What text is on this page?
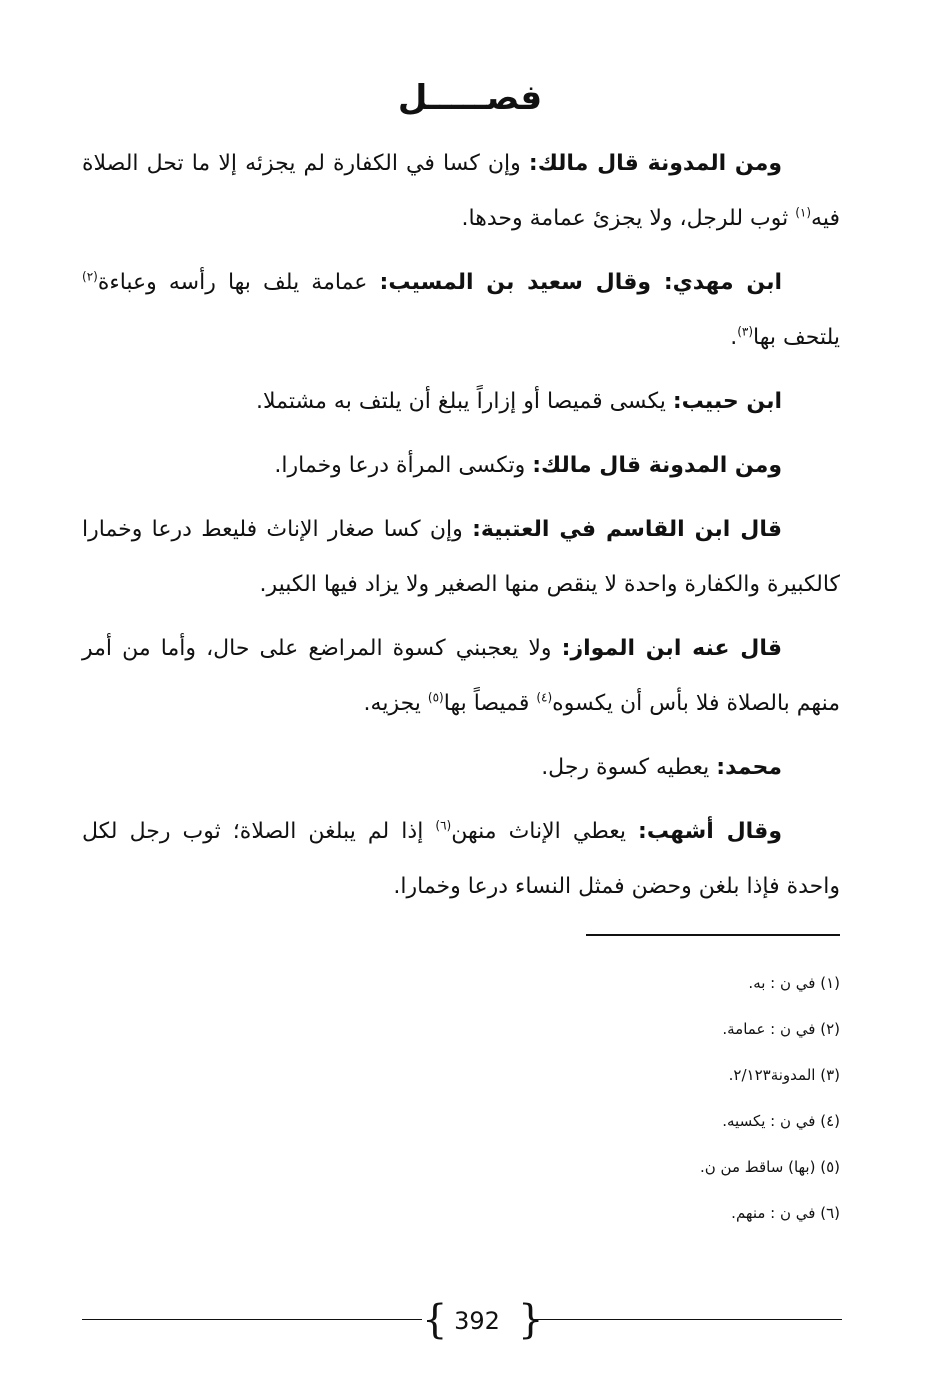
فصـــــل

ومن المدونة قال مالك: وإن كسا في الكفارة لم يجزئه إلا ما تحل الصلاة فيه$^{(١)}$ ثوب للرجل، ولا يجزئ عمامة وحدها.

ابن مهدي: وقال سعيد بن المسيب: عمامة يلف بها رأسه وعباءة$^{(٢)}$ يلتحف بها$^{(٣)}$.

ابن حبيب: يكسى قميصا أو إزاراً يبلغ أن يلتف به مشتملا.

ومن المدونة قال مالك: وتكسى المرأة درعا وخمارا.

قال ابن القاسم في العتبية: وإن كسا صغار الإناث فليعط درعا وخمارا كالكبيرة والكفارة واحدة لا ينقص منها الصغير ولا يزاد فيها الكبير.

قال عنه ابن المواز: ولا يعجبني كسوة المراضع على حال، وأما من أمر منهم بالصلاة فلا بأس أن يكسوه$^{(٤)}$ قميصاً بها$^{(٥)}$ يجزيه.

محمد: يعطيه كسوة رجل.

وقال أشهب: يعطي الإناث منهن$^{(٦)}$ إذا لم يبلغن الصلاة؛ ثوب رجل لكل واحدة فإذا بلغن وحضن فمثل النساء درعا وخمارا.

(١) في ن : به.

(٢) في ن : عمامة.

(٣) المدونة٢/١٢٣.

(٤) في ن : يكسيه.

(٥) (بها) ساقط من ن.

(٦) في ن : منهم.

{ 392 }
